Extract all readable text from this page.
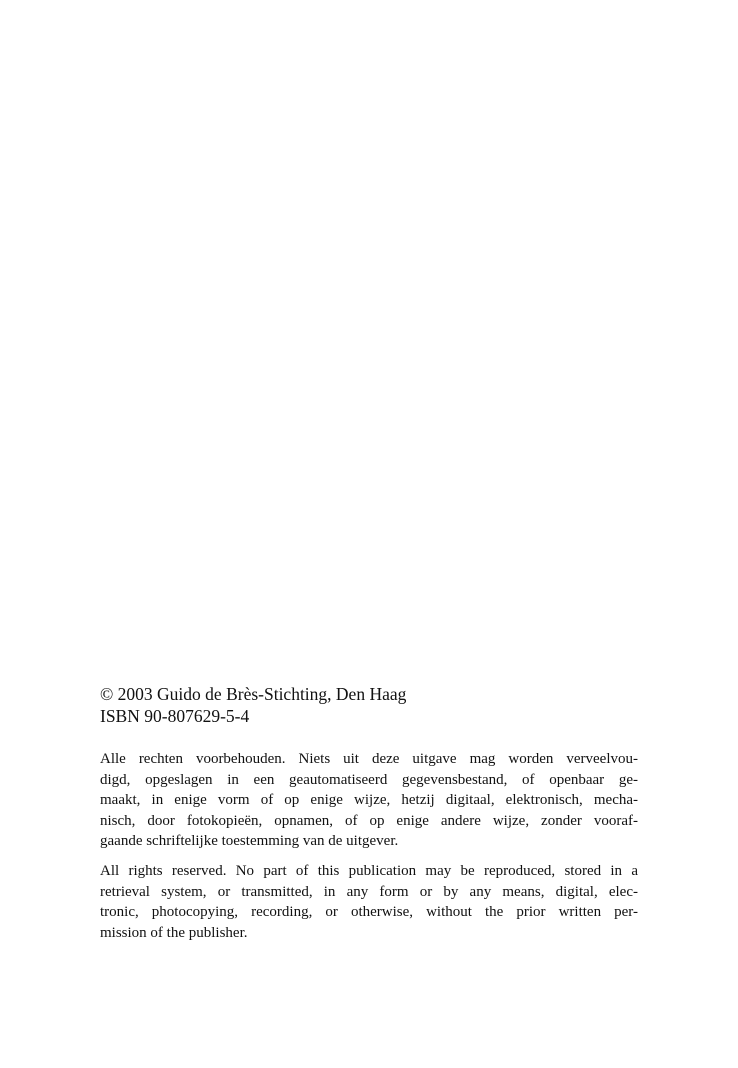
© 2003 Guido de Brès-Stichting, Den Haag

ISBN 90-807629-5-4

Alle rechten voorbehouden. Niets uit deze uitgave mag worden verveelvou-
digd, opgeslagen in een geautomatiseerd gegevensbestand, of openbaar ge-
maakt, in enige vorm of op enige wijze, hetzij digitaal, elektronisch, mecha-
nisch, door fotokopieën, opnamen, of op enige andere wijze, zonder vooraf-
gaande schriftelijke toestemming van de uitgever.

All rights reserved. No part of this publication may be reproduced, stored in a
retrieval system, or transmitted, in any form or by any means, digital, elec-
tronic, photocopying, recording, or otherwise, without the prior written per-
mission of the publisher.
